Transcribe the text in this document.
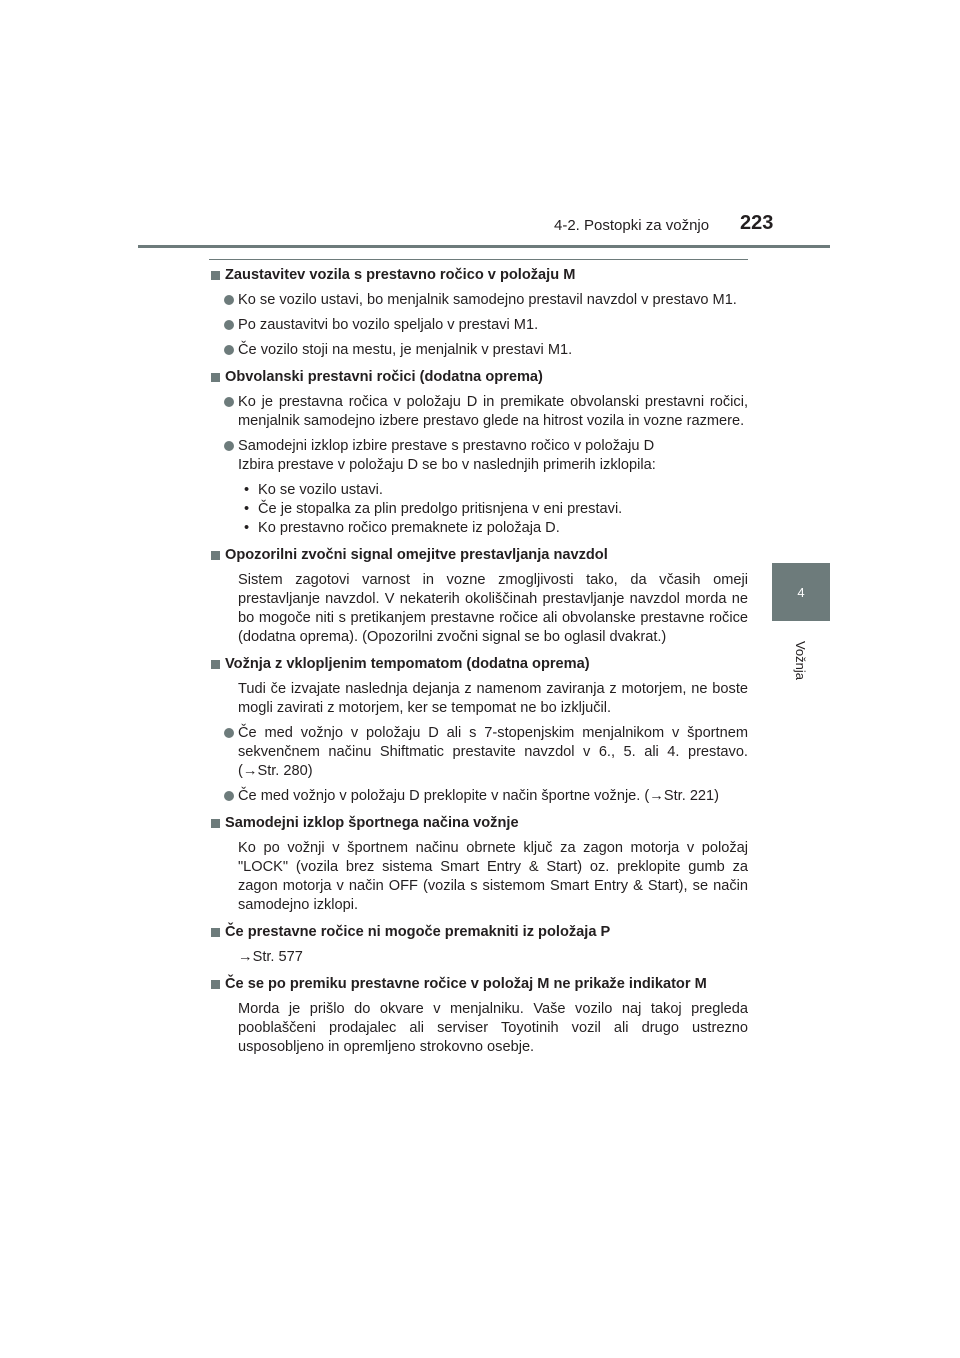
4-2. Postopki za vožnjo 223
4
Vožnja
Zaustavitev vozila s prestavno ročico v položaju M
Ko se vozilo ustavi, bo menjalnik samodejno prestavil navzdol v prestavo M1.
Po zaustavitvi bo vozilo speljalo v prestavi M1.
Če vozilo stoji na mestu, je menjalnik v prestavi M1.
Obvolanski prestavni ročici (dodatna oprema)
Ko je prestavna ročica v položaju D in premikate obvolanski prestavni ročici, menjalnik samodejno izbere prestavo glede na hitrost vozila in vozne razmere.
Samodejni izklop izbire prestave s prestavno ročico v položaju D
Izbira prestave v položaju D se bo v naslednjih primerih izklopila:
• Ko se vozilo ustavi.
• Če je stopalka za plin predolgo pritisnjena v eni prestavi.
• Ko prestavno ročico premaknete iz položaja D.
Opozorilni zvočni signal omejitve prestavljanja navzdol
Sistem zagotovi varnost in vozne zmogljivosti tako, da včasih omeji prestavljanje navzdol. V nekaterih okoliščinah prestavljanje navzdol morda ne bo mogoče niti s pretikanjem prestavne ročice ali obvolanske prestavne ročice (dodatna oprema). (Opozorilni zvočni signal se bo oglasil dvakrat.)
Vožnja z vklopljenim tempomatom (dodatna oprema)
Tudi če izvajate naslednja dejanja z namenom zaviranja z motorjem, ne boste mogli zavirati z motorjem, ker se tempomat ne bo izključil.
Če med vožnjo v položaju D ali s 7-stopenjskim menjalnikom v športnem sekvenčnem načinu Shiftmatic prestavite navzdol v 6., 5. ali 4. prestavo. (→Str. 280)
Če med vožnjo v položaju D preklopite v način športne vožnje. (→Str. 221)
Samodejni izklop športnega načina vožnje
Ko po vožnji v športnem načinu obrnete ključ za zagon motorja v položaj "LOCK" (vozila brez sistema Smart Entry & Start) oz. preklopite gumb za zagon motorja v način OFF (vozila s sistemom Smart Entry & Start), se način samodejno izklopi.
Če prestavne ročice ni mogoče premakniti iz položaja P
→Str. 577
Če se po premiku prestavne ročice v položaj M ne prikaže indikator M
Morda je prišlo do okvare v menjalniku. Vaše vozilo naj takoj pregleda pooblaščeni prodajalec ali serviser Toyotinih vozil ali drugo ustrezno usposobljeno in opremljeno strokovno osebje.
